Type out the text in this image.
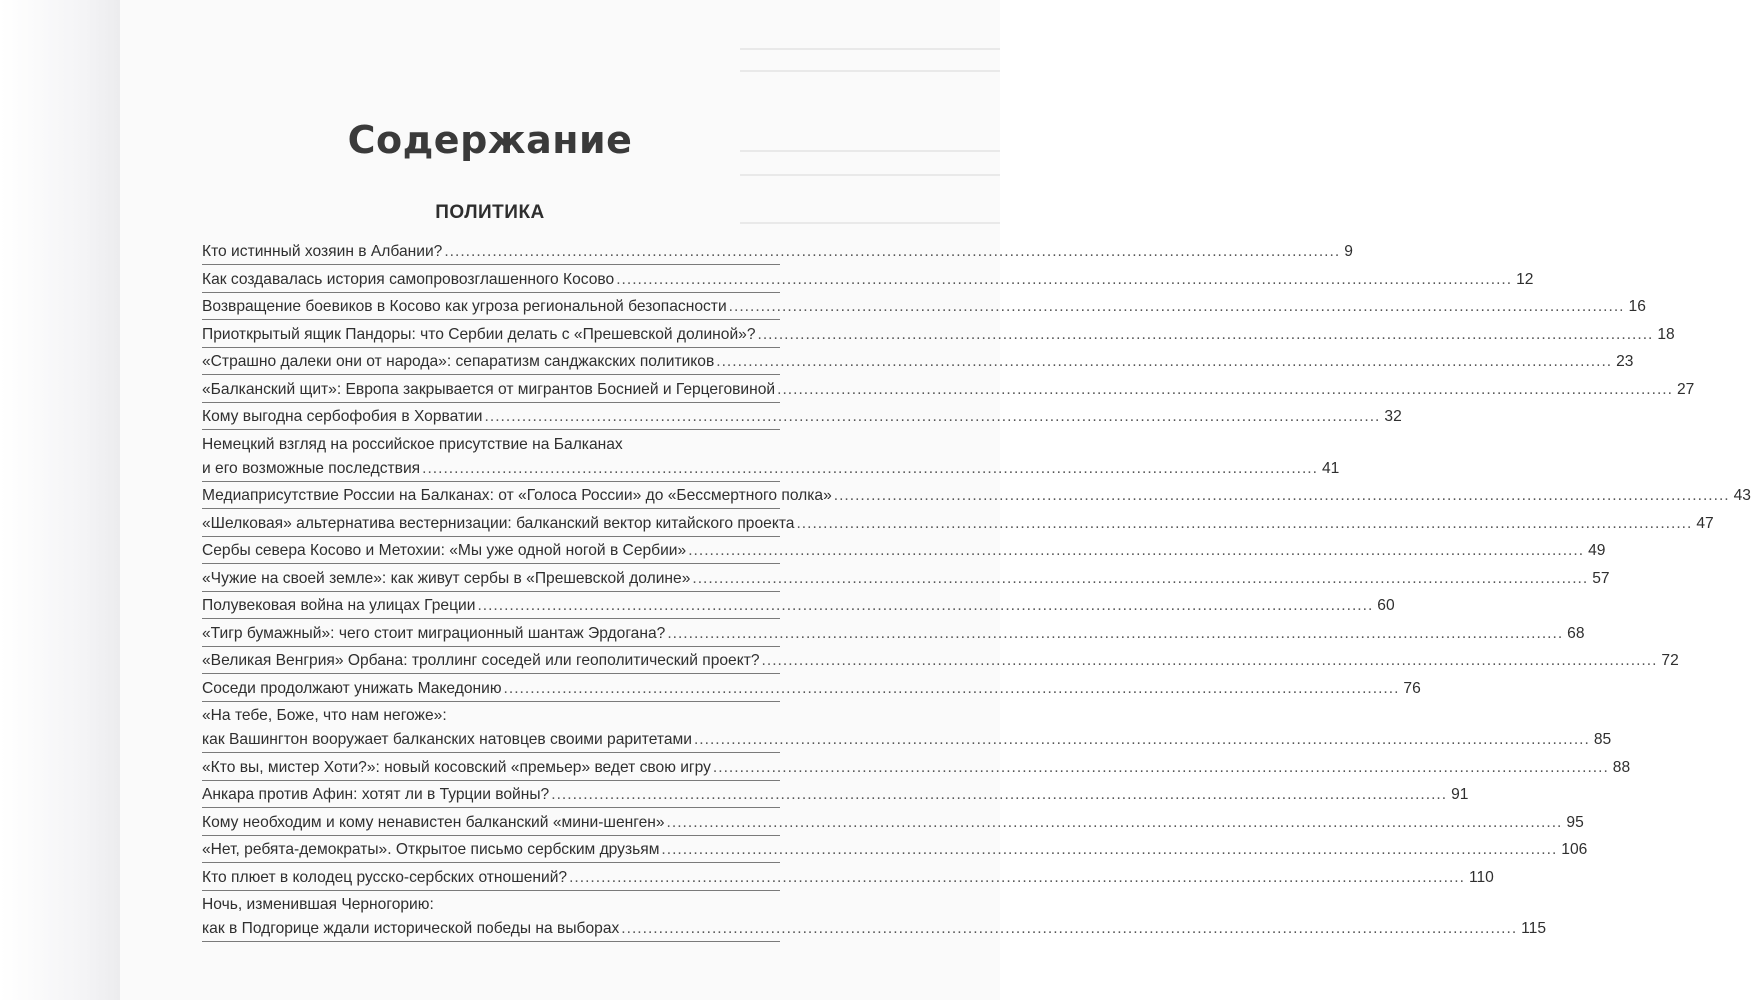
Содержание
ПОЛИТИКА
Кто истинный хозяин в Албании? .....	9
Как создавалась история самопровозглашенного Косово .....	12
Возвращение боевиков в Косово как угроза региональной безопасности .....	16
Приоткрытый ящик Пандоры: что Сербии делать с «Прешевской долиной»? .....	18
«Страшно далеки они от народа»: сепаратизм санджакских политиков .....	23
«Балканский щит»: Европа закрывается от мигрантов Боснией и Герцеговиной .....	27
Кому выгодна сербофобия в Хорватии .....	32
Немецкий взгляд на российское присутствие на Балканах
и его возможные последствия .....	41
Медиаприсутствие России на Балканах: от «Голоса России» до «Бессмертного полка» .....	43
«Шелковая» альтернатива вестернизации: балканский вектор китайского проекта .....	47
Сербы севера Косово и Метохии: «Мы уже одной ногой в Сербии» .....	49
«Чужие на своей земле»: как живут сербы в «Прешевской долине» .....	57
Полувековая война на улицах Греции .....	60
«Тигр бумажный»: чего стоит миграционный шантаж Эрдогана? .....	68
«Великая Венгрия» Орбана: троллинг соседей или геополитический проект? .....	72
Соседи продолжают унижать Македонию .....	76
«На тебе, Боже, что нам негоже»:
как Вашингтон вооружает балканских натовцев своими раритетами .....	85
«Кто вы, мистер Хоти?»: новый косовский «премьер» ведет свою игру .....	88
Анкара против Афин: хотят ли в Турции войны? .....	91
Кому необходим и кому ненавистен балканский «мини-шенген» .....	95
«Нет, ребята-демократы». Открытое письмо сербским друзьям .....	106
Кто плюет в колодец русско-сербских отношений? .....	110
Ночь, изменившая Черногорию:
как в Подгорице ждали исторической победы на выборах .....	115
